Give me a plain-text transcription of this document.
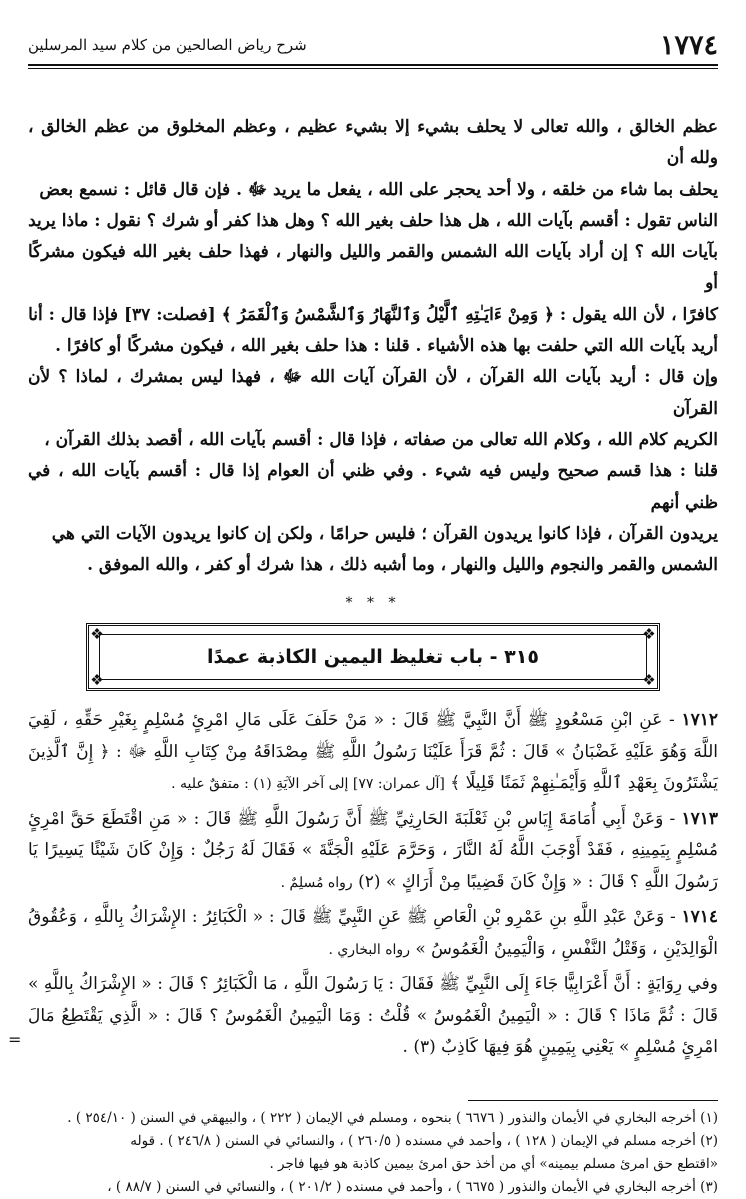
١٧٧٤
شرح رياض الصالحين من كلام سيد المرسلين

عظم الخالق ، والله تعالى لا يحلف بشيء إلا بشيء عظيم ، وعظم المخلوق من عظم الخالق ، ولله أن

يحلف بما شاء من خلقه ، ولا أحد يحجر على الله ، يفعل ما يريد ﷻ . فإن قال قائل : نسمع بعض

الناس تقول : أقسم بآيات الله ، هل هذا حلف بغير الله ؟ وهل هذا كفر أو شرك ؟ نقول : ماذا يريد

بآيات الله ؟ إن أراد بآيات الله الشمس والقمر والليل والنهار ، فهذا حلف بغير الله فيكون مشركًا أو

كافرًا ، لأن الله يقول : ﴿ وَمِنْ ءَايَـٰتِهِ ٱلَّيْلُ وَٱلنَّهَارُ وَٱلشَّمْسُ وَٱلْقَمَرُ ﴾ [فصلت: ٣٧] فإذا قال : أنا

أريد بآيات الله التي حلفت بها هذه الأشياء . قلنا : هذا حلف بغير الله ، فيكون مشركًا أو كافرًا .

وإن قال : أريد بآيات الله القرآن ، لأن القرآن آيات الله ﷻ ، فهذا ليس بمشرك ، لماذا ؟ لأن القرآن

الكريم كلام الله ، وكلام الله تعالى من صفاته ، فإذا قال : أقسم بآيات الله ، أقصد بذلك القرآن ،

قلنا : هذا قسم صحيح وليس فيه شيء . وفي ظني أن العوام إذا قال : أقسم بآيات الله ، في ظني أنهم

يريدون القرآن ، فإذا كانوا يريدون القرآن ؛ فليس حرامًا ، ولكن إن كانوا يريدون الآيات التي هي

الشمس والقمر والنجوم والليل والنهار ، وما أشبه ذلك ، هذا شرك أو كفر ، والله الموفق .

* * *
❖	❖
❖	❖
٣١٥ - باب تغليظ اليمين الكاذبة عمدًا

١٧١٢ - عَنِ ابْنِ مَسْعُودٍ ﷺ أَنَّ النَّبِيَّ ﷺ قَالَ : « مَنْ حَلَفَ عَلَى مَالِ امْرِئٍ مُسْلِمٍ بِغَيْرِ حَقِّهِ ، لَقِيَ اللَّهَ وَهُوَ عَلَيْهِ غَضْبَانُ » قَالَ : ثُمَّ قَرَأَ عَلَيْنَا رَسُولُ اللَّهِ ﷺ مِصْدَاقَهُ مِنْ كِتَابِ اللَّهِ ﷻ : ﴿ إِنَّ ٱلَّذِينَ يَشْتَرُونَ بِعَهْدِ ٱللَّهِ وَأَيْمَـٰنِهِمْ ثَمَنًا قَلِيلًا ﴾ [آل عمران: ٧٧] إلى آخر الآيَةِ (١) : متفقٌ عليه .

١٧١٣ - وَعَنْ أَبِي أُمَامَةَ إِيَاسِ بْنِ ثَعْلَبَةَ الحَارِثِيِّ ﷺ أَنَّ رَسُولَ اللَّهِ ﷺ قَالَ : « مَنِ اقْتَطَعَ حَقَّ امْرِئٍ مُسْلِمٍ بِيَمِينِهِ ، فَقَدْ أَوْجَبَ اللَّهُ لَهُ النَّارَ ، وَحَرَّمَ عَلَيْهِ الْجَنَّةَ » فَقَالَ لَهُ رَجُلٌ : وَإِنْ كَانَ شَيْئًا يَسِيرًا يَا رَسُولَ اللَّهِ ؟ قَالَ : « وَإِنْ كَانَ قَضِيبًا مِنْ أَرَاكٍ » (٢) رواه مُسلِمٌ .

١٧١٤ - وَعَنْ عَبْدِ اللَّهِ بنِ عَمْرِو بْنِ الْعَاصِ ﷺ عَنِ النَّبِيِّ ﷺ قَالَ : « الْكَبَائِرُ : الإِشْرَاكُ بِاللَّهِ ، وَعُقُوقُ الْوَالِدَيْنِ ، وَقَتْلُ النَّفْسِ ، وَالْيَمِينُ الْغَمُوسُ » رواه البخاري .

وفي رِوَايَةٍ : أَنَّ أَعْرَابِيًّا جَاءَ إِلَى النَّبِيِّ ﷺ فَقَالَ : يَا رَسُولَ اللَّهِ ، مَا الْكَبَائِرُ ؟ قَالَ : « الإِشْرَاكُ بِاللَّهِ » قَالَ : ثُمَّ مَاذَا ؟ قَالَ : « الْيَمِينُ الْغَمُوسُ » قُلْتُ : وَمَا الْيَمِينُ الْغَمُوسُ ؟ قَالَ : « الَّذِي يَقْتَطِعُ مَالَ امْرِئٍ مُسْلِمٍ » يَعْنِي بِيَمِينٍ هُوَ فِيهَا كَاذِبٌ (٣) .

(١) أخرجه البخاري في الأيمان والنذور ( ٦٦٧٦ ) بنحوه ، ومسلم في الإيمان ( ٢٢٢ ) ، والبيهقي في السنن ( ٢٥٤/١٠ ) .

(٢) أخرجه مسلم في الإيمان ( ١٢٨ ) ، وأحمد في مسنده ( ٢٦٠/٥ ) ، والنسائي في السنن ( ٢٤٦/٨ ) . قوله

«اقتطع حق امرئ مسلم بيمينه» أي من أخذ حق امرئ بيمين كاذبة هو فيها فاجر .

(٣) أخرجه البخاري في الأيمان والنذور ( ٦٦٧٥ ) ، وأحمد في مسنده ( ٢٠١/٢ ) ، والنسائي في السنن ( ٨٨/٧ ) ،

=
